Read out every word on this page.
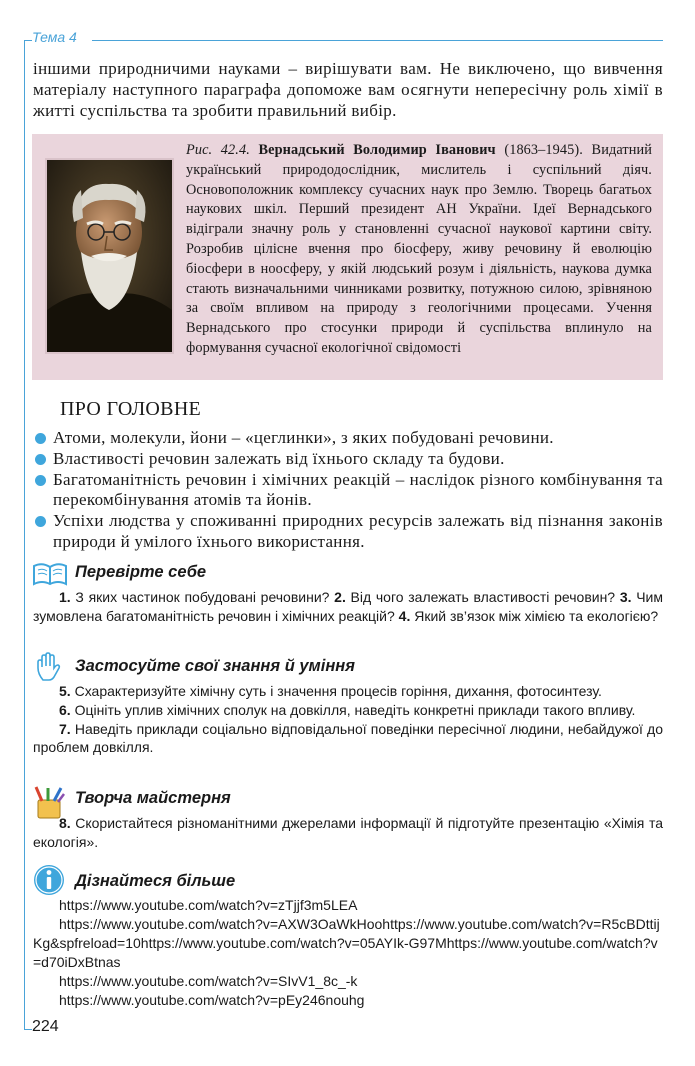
Тема 4
іншими природничими науками – вирішувати вам. Не виключено, що вивчення матеріалу наступного параграфа допоможе вам осягнути непересічну роль хімії в житті суспільства та зробити правильний вибір.
Рис. 42.4. Вернадський Володимир Іванович (1863–1945). Видатний український природодослідник, мислитель і суспільний діяч. Основоположник комплексу сучасних наук про Землю. Творець багатьох наукових шкіл. Перший президент АН України. Ідеї Вернадського відіграли значну роль у становленні сучасної наукової картини світу. Розробив цілісне вчення про біосферу, живу речовину й еволюцію біосфери в ноосферу, у якій людський розум і діяльність, наукова думка стають визначальними чинниками розвитку, потужною силою, зрівняною за своїм впливом на природу з геологічними процесами. Учення Вернадського про стосунки природи й суспільства вплинуло на формування сучасної екологічної свідомості
ПРО ГОЛОВНЕ
Атоми, молекули, йони – «цеглинки», з яких побудовані речовини.
Властивості речовин залежать від їхнього складу та будови.
Багатоманітність речовин і хімічних реакцій – наслідок різного комбінування та перекомбінування атомів та йонів.
Успіхи людства у споживанні природних ресурсів залежать від пізнання законів природи й умілого їхнього використання.
Перевірте себе
1. З яких частинок побудовані речовини? 2. Від чого залежать властивості речовин? 3. Чим зумовлена багатоманітність речовин і хімічних реакцій? 4. Який зв’язок між хімією та екологією?
Застосуйте свої знання й уміння
5. Схарактеризуйте хімічну суть і значення процесів горіння, дихання, фотосинтезу.
6. Оцініть уплив хімічних сполук на довкілля, наведіть конкретні приклади такого впливу.
7. Наведіть приклади соціально відповідальної поведінки пересічної людини, небайдужої до проблем довкілля.
Творча майстерня
8. Скористайтеся різноманітними джерелами інформації й підготуйте презентацію «Хімія та екологія».
Дізнайтеся більше
https://www.youtube.com/watch?v=zTjjf3m5LEA
https://www.youtube.com/watch?v=AXW3OaWkHoohttps://www.youtube.com/watch?v=R5cBDttijKg&spfreload=10https://www.youtube.com/watch?v=05AYIk-G97Mhttps://www.youtube.com/watch?v=d70iDxBtnas
https://www.youtube.com/watch?v=SIvV1_8c_-k
https://www.youtube.com/watch?v=pEy246nouhg
224
